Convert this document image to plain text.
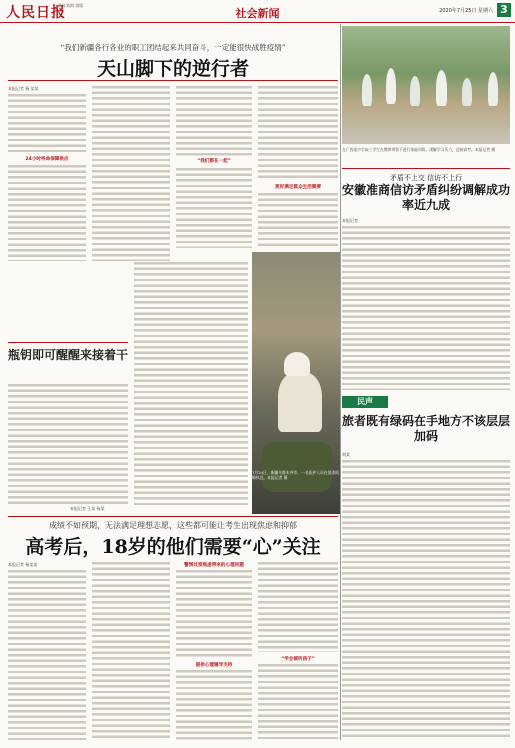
人民日报
第年第期 第版
社会新闻	2020年7月25日 星期六 3
“我们新疆各行各业的职工团结起来共同奋斗，一定能很快战胜疫情”
天山脚下的逆行者
本报记者 杨 某某
24小时待命保障供应	“我们都在一起”
更好满足群众生活需要
在广西某中学高三学生在教师带领下进行体能训练，缓解学习压力，迎接高考。本报记者 摄
矛盾不上交 信访不上行
安徽准商信访矛盾纠纷调解成功率近九成
本报记者
瓶钥即可醒醒来接着干
本报记者 王某 杨某
7月24日，新疆乌鲁木齐市，一名医护人员在消杀间隙休息。本报记者 摄
成绩不如预期，无法满足理想志愿，这些都可能让考生出现焦虑和抑郁
高考后，18岁的他们需要“心”关注
本报记者 杨某某	警惕过度焦虑带来的心理问题
提供心理辅导支持
“学会倾听孩子”
民声
旅者既有绿码在手地方不该层层加码
胡某
